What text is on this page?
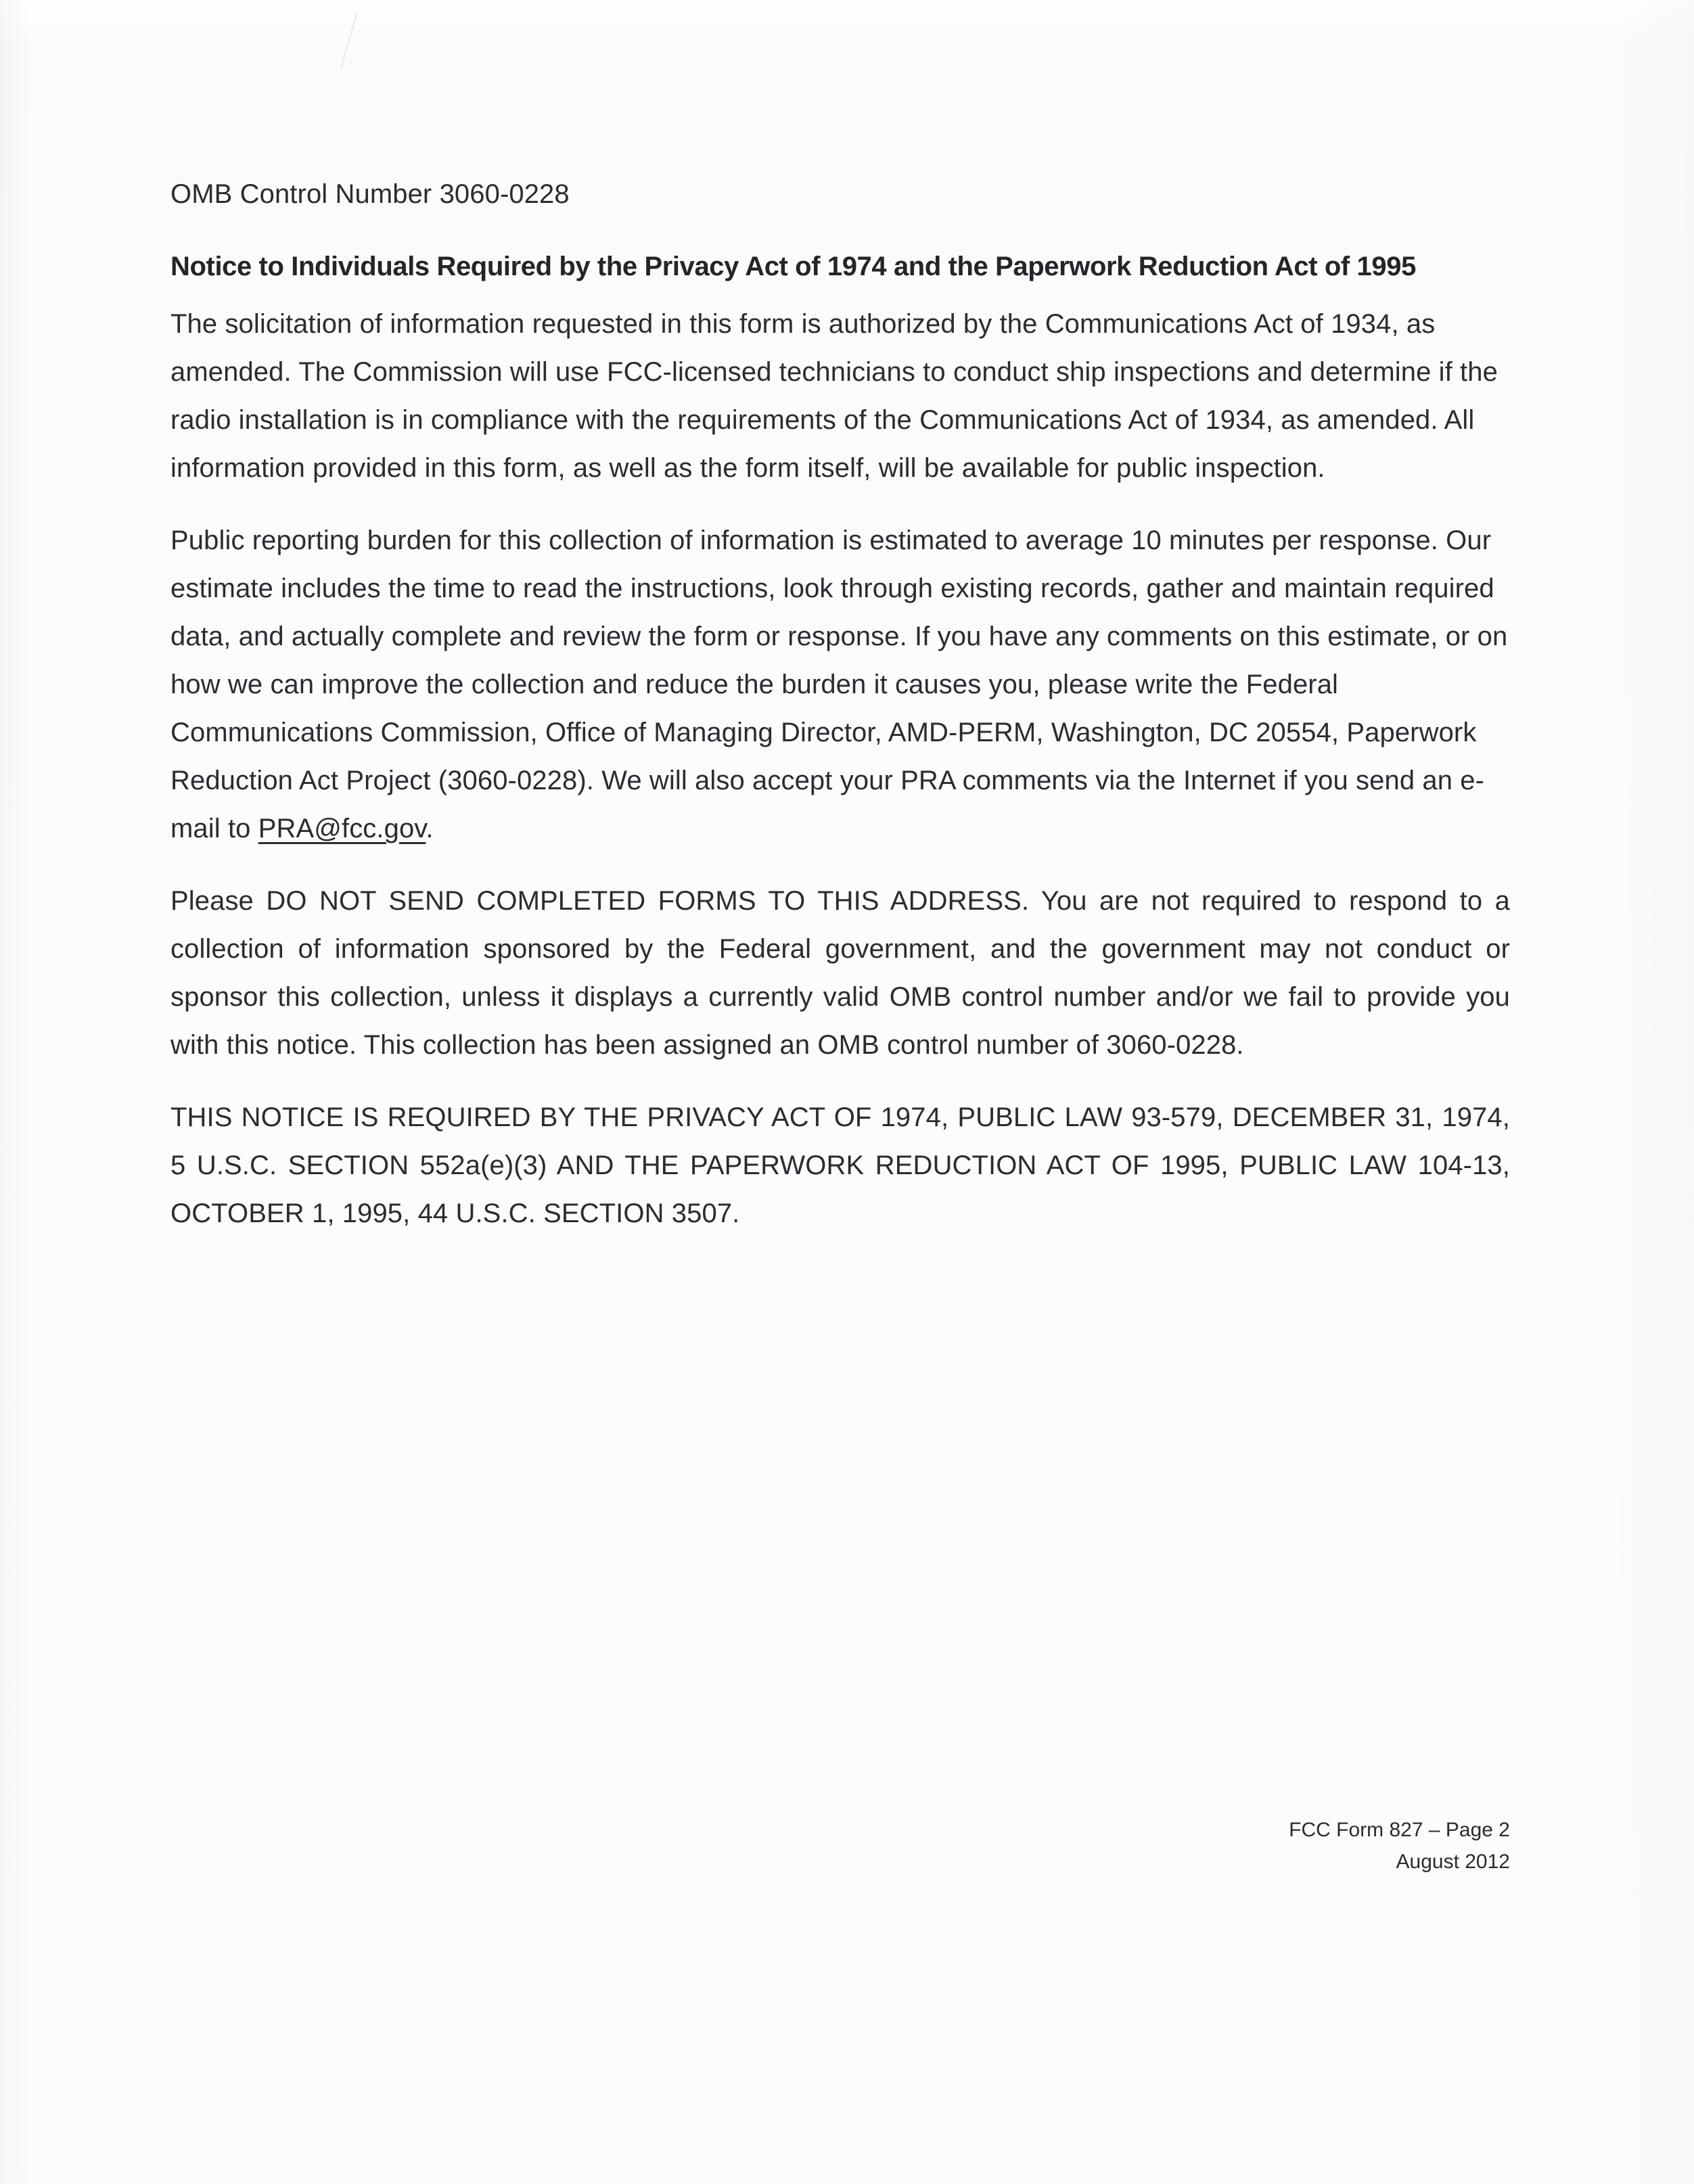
OMB Control Number 3060-0228
Notice to Individuals Required by the Privacy Act of 1974 and the Paperwork Reduction Act of 1995

The solicitation of information requested in this form is authorized by the Communications Act of 1934, as amended. The Commission will use FCC-licensed technicians to conduct ship inspections and determine if the radio installation is in compliance with the requirements of the Communications Act of 1934, as amended. All information provided in this form, as well as the form itself, will be available for public inspection.

Public reporting burden for this collection of information is estimated to average 10 minutes per response. Our estimate includes the time to read the instructions, look through existing records, gather and maintain required data, and actually complete and review the form or response. If you have any comments on this estimate, or on how we can improve the collection and reduce the burden it causes you, please write the Federal Communications Commission, Office of Managing Director, AMD-PERM, Washington, DC 20554, Paperwork Reduction Act Project (3060-0228). We will also accept your PRA comments via the Internet if you send an e-mail to PRA@fcc.gov.

Please DO NOT SEND COMPLETED FORMS TO THIS ADDRESS. You are not required to respond to a collection of information sponsored by the Federal government, and the government may not conduct or sponsor this collection, unless it displays a currently valid OMB control number and/or we fail to provide you with this notice. This collection has been assigned an OMB control number of 3060-0228.

THIS NOTICE IS REQUIRED BY THE PRIVACY ACT OF 1974, PUBLIC LAW 93-579, DECEMBER 31, 1974, 5 U.S.C. SECTION 552a(e)(3) AND THE PAPERWORK REDUCTION ACT OF 1995, PUBLIC LAW 104-13, OCTOBER 1, 1995, 44 U.S.C. SECTION 3507.

FCC Form 827 – Page 2
August 2012
